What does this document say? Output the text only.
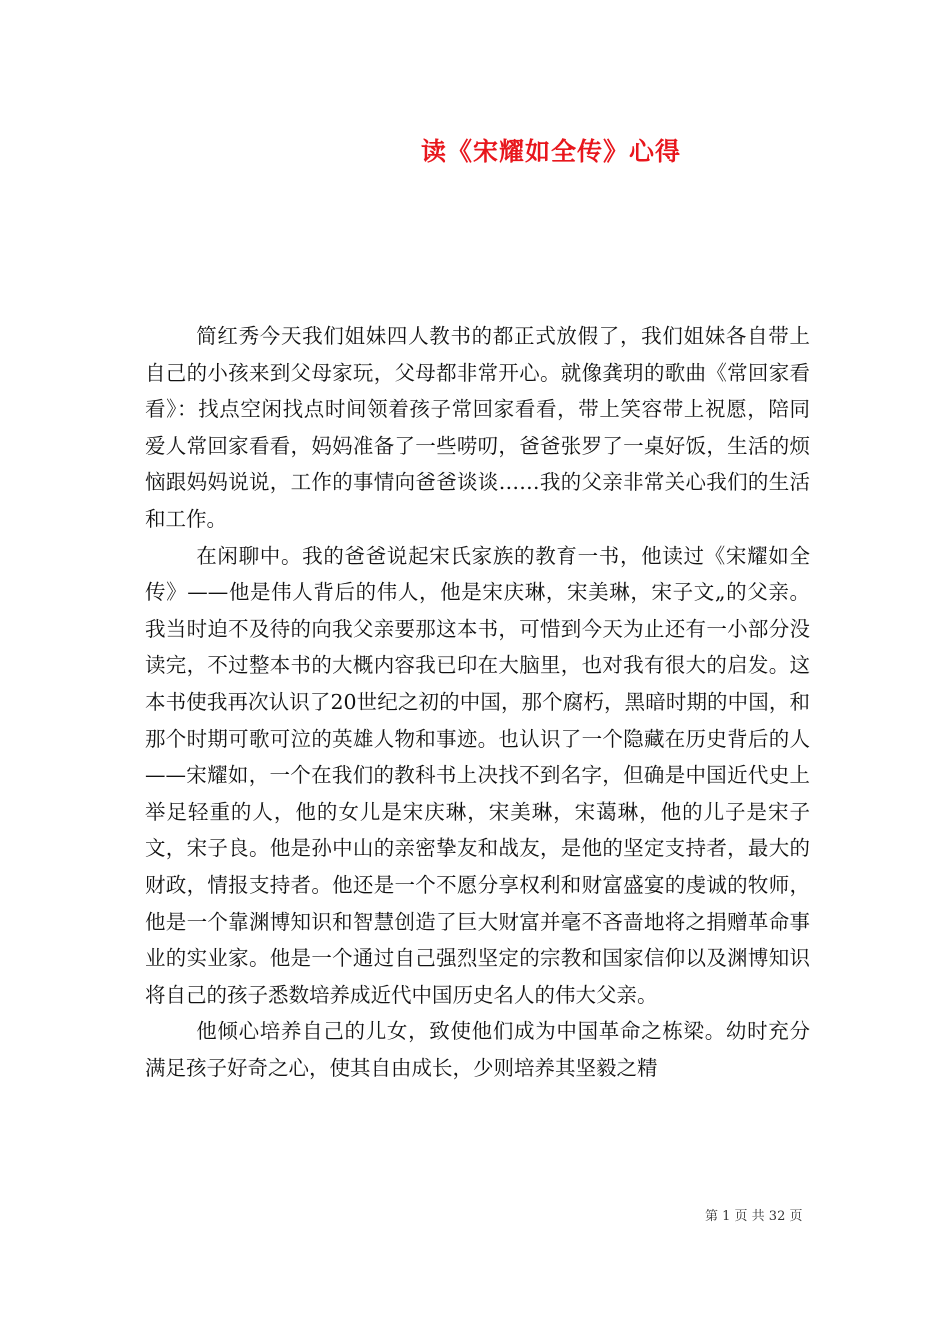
读《宋耀如全传》心得

简红秀今天我们姐妹四人教书的都正式放假了，我们姐妹各自带上自己的小孩来到父母家玩，父母都非常开心。就像龚玥的歌曲《常回家看看》：找点空闲找点时间领着孩子常回家看看，带上笑容带上祝愿，陪同爱人常回家看看，妈妈准备了一些唠叨，爸爸张罗了一桌好饭，生活的烦恼跟妈妈说说，工作的事情向爸爸谈谈……我的父亲非常关心我们的生活和工作。

在闲聊中。我的爸爸说起宋氏家族的教育一书，他读过《宋耀如全传》——他是伟人背后的伟人，他是宋庆琳，宋美琳，宋子文„的父亲。我当时迫不及待的向我父亲要那这本书，可惜到今天为止还有一小部分没读完，不过整本书的大概内容我已印在大脑里，也对我有很大的启发。这本书使我再次认识了20世纪之初的中国，那个腐朽，黑暗时期的中国，和那个时期可歌可泣的英雄人物和事迹。也认识了一个隐藏在历史背后的人——宋耀如，一个在我们的教科书上决找不到名字，但确是中国近代史上举足轻重的人，他的女儿是宋庆琳，宋美琳，宋蔼琳，他的儿子是宋子文，宋子良。他是孙中山的亲密挚友和战友，是他的坚定支持者，最大的财政，情报支持者。他还是一个不愿分享权利和财富盛宴的虔诚的牧师，他是一个靠渊博知识和智慧创造了巨大财富并毫不吝啬地将之捐赠革命事业的实业家。他是一个通过自己强烈坚定的宗教和国家信仰以及渊博知识将自己的孩子悉数培养成近代中国历史名人的伟大父亲。

他倾心培养自己的儿女，致使他们成为中国革命之栋梁。幼时充分满足孩子好奇之心，使其自由成长，少则培养其坚毅之精

第 1 页 共 32 页
